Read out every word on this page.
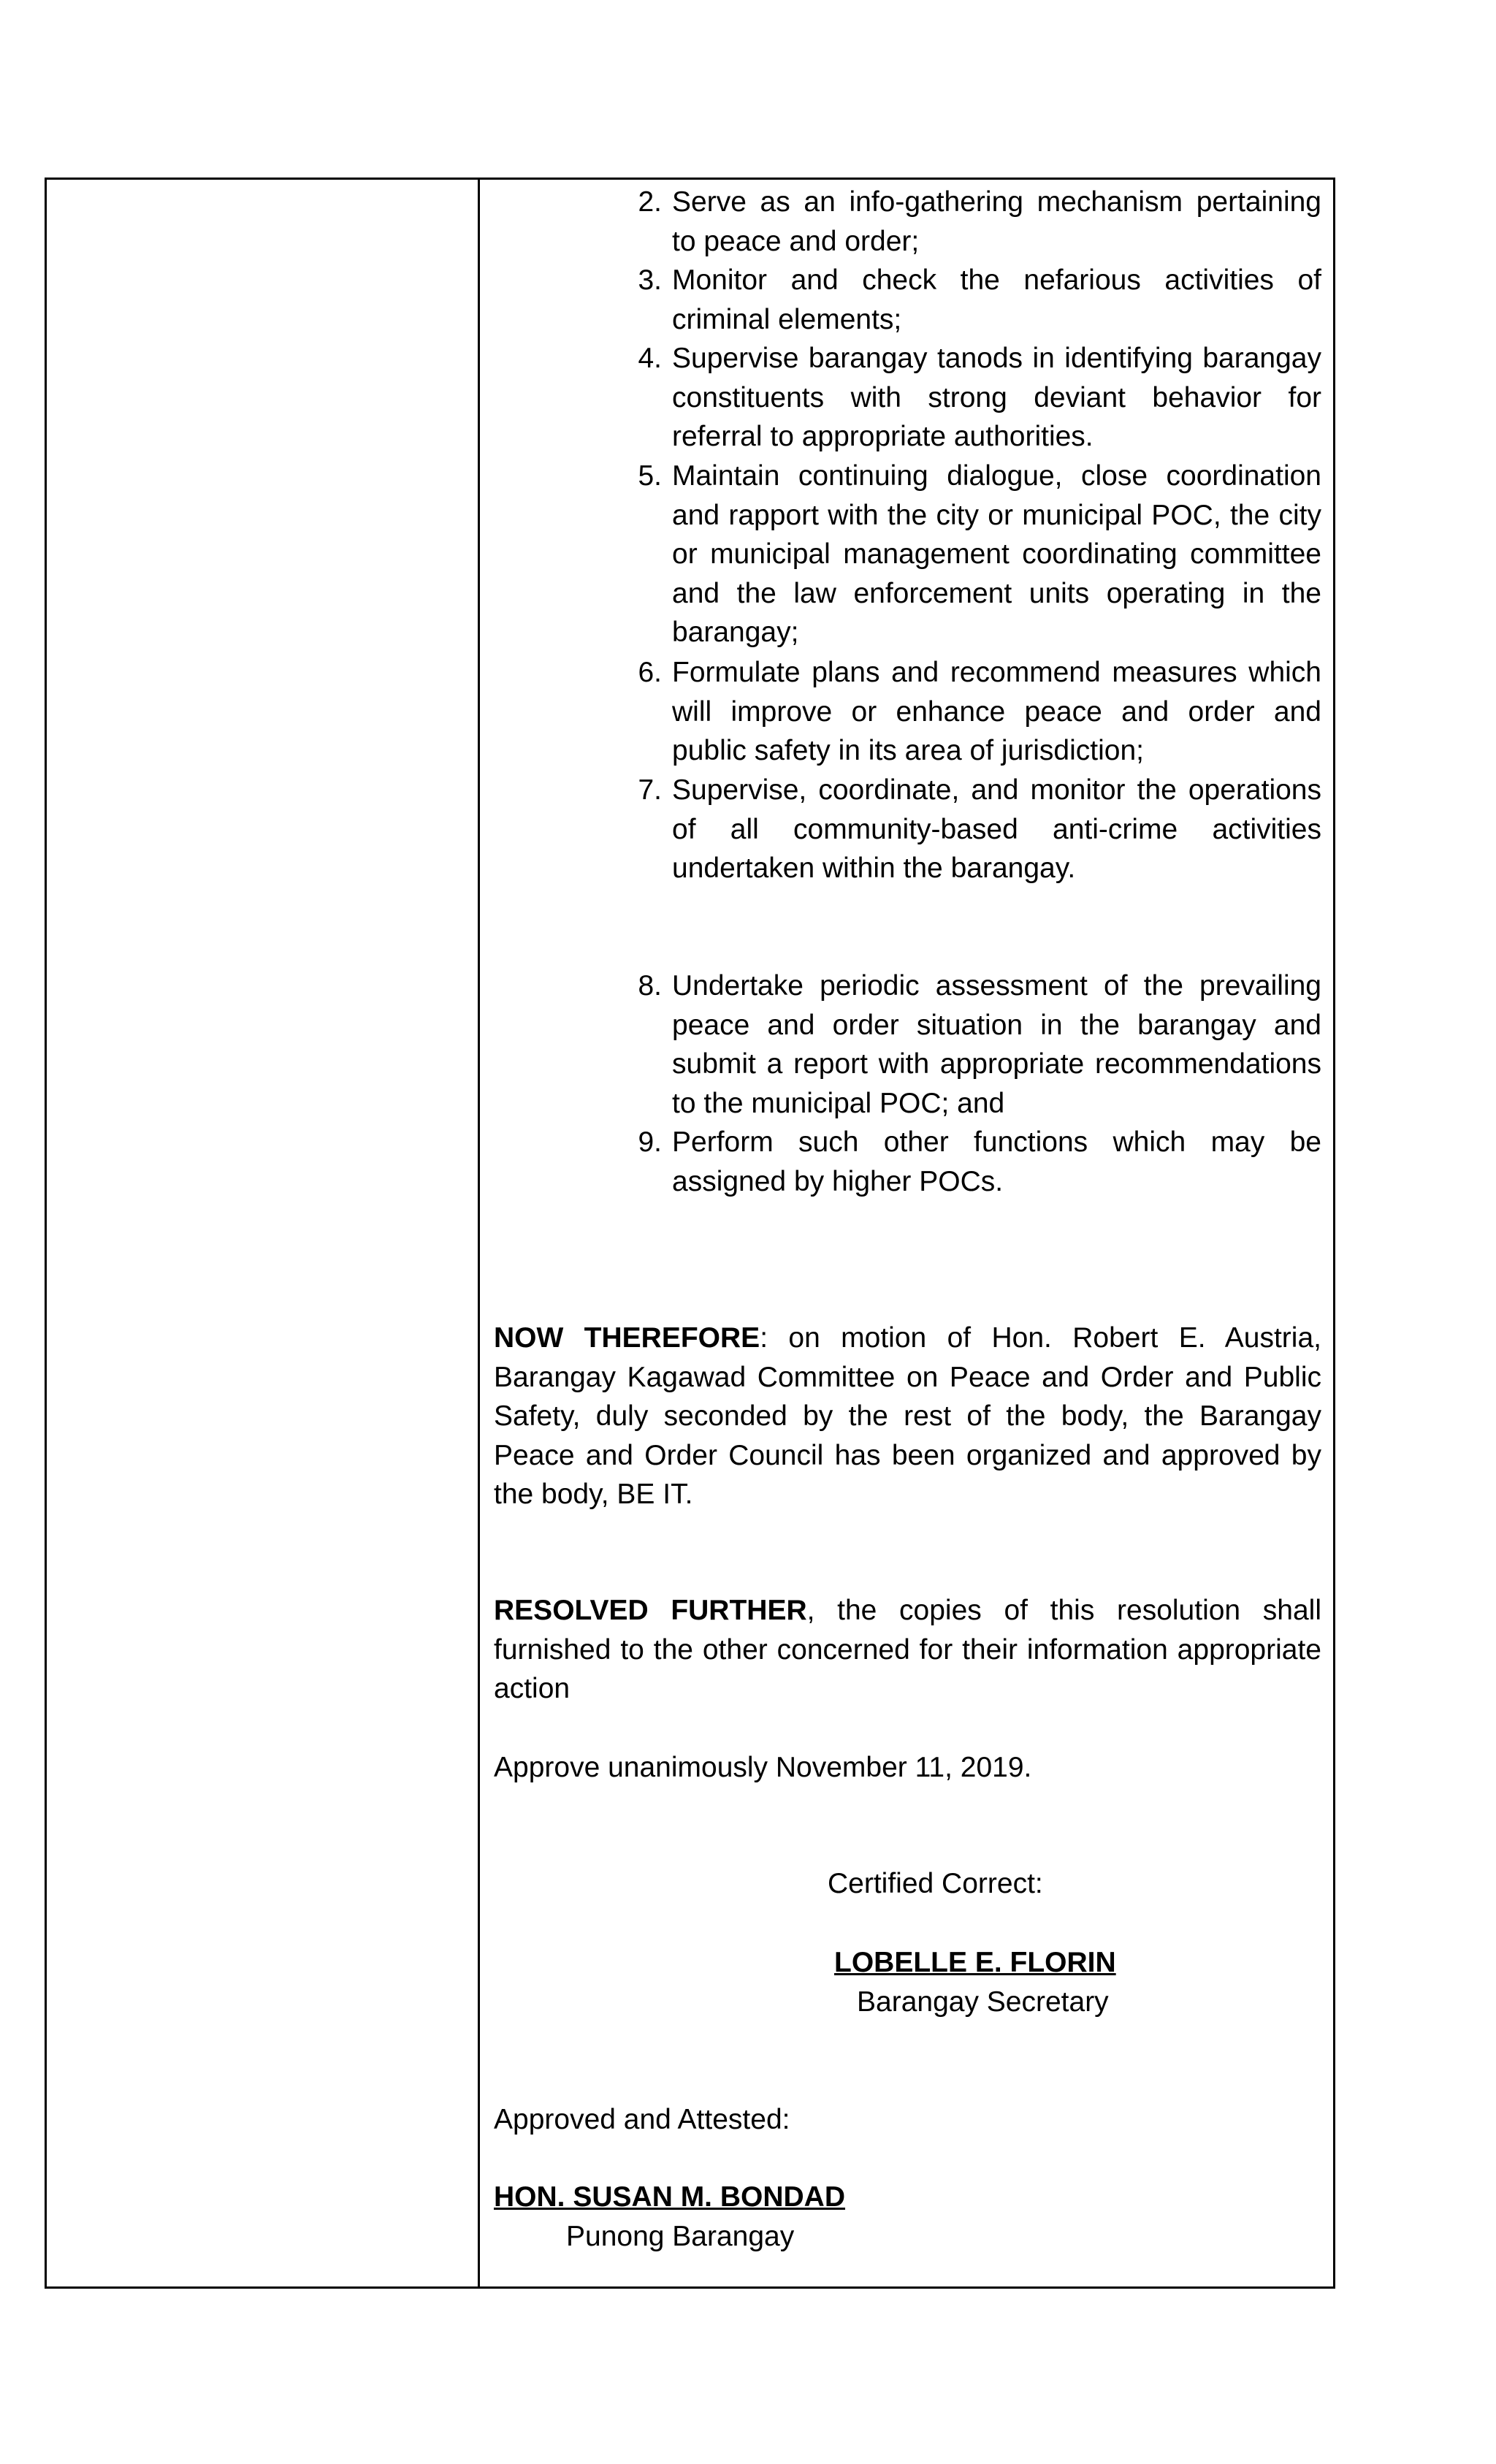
2. Serve as an info-gathering mechanism pertaining to peace and order;
3. Monitor and check the nefarious activities of criminal elements;
4. Supervise barangay tanods in identifying barangay constituents with strong deviant behavior for referral to appropriate authorities.
5. Maintain continuing dialogue, close coordination and rapport with the city or municipal POC, the city or municipal management coordinating committee and the law enforcement units operating in the barangay;
6. Formulate plans and recommend measures which will improve or enhance peace and order and public safety in its area of jurisdiction;
7. Supervise, coordinate, and monitor the operations of all community-based anti-crime activities undertaken within the barangay.
8. Undertake periodic assessment of the prevailing peace and order situation in the barangay and submit a report with appropriate recommendations to the municipal POC; and
9. Perform such other functions which may be assigned by higher POCs.
NOW THEREFORE: on motion of Hon. Robert E. Austria, Barangay Kagawad Committee on Peace and Order and Public Safety, duly seconded by the rest of the body, the Barangay Peace and Order Council has been organized and approved by the body, BE IT.
RESOLVED FURTHER, the copies of this resolution shall furnished to the other concerned for their information appropriate action
Approve unanimously November 11, 2019.
Certified Correct:
LOBELLE E. FLORIN
Barangay Secretary
Approved and Attested:
HON. SUSAN M. BONDAD
Punong Barangay
